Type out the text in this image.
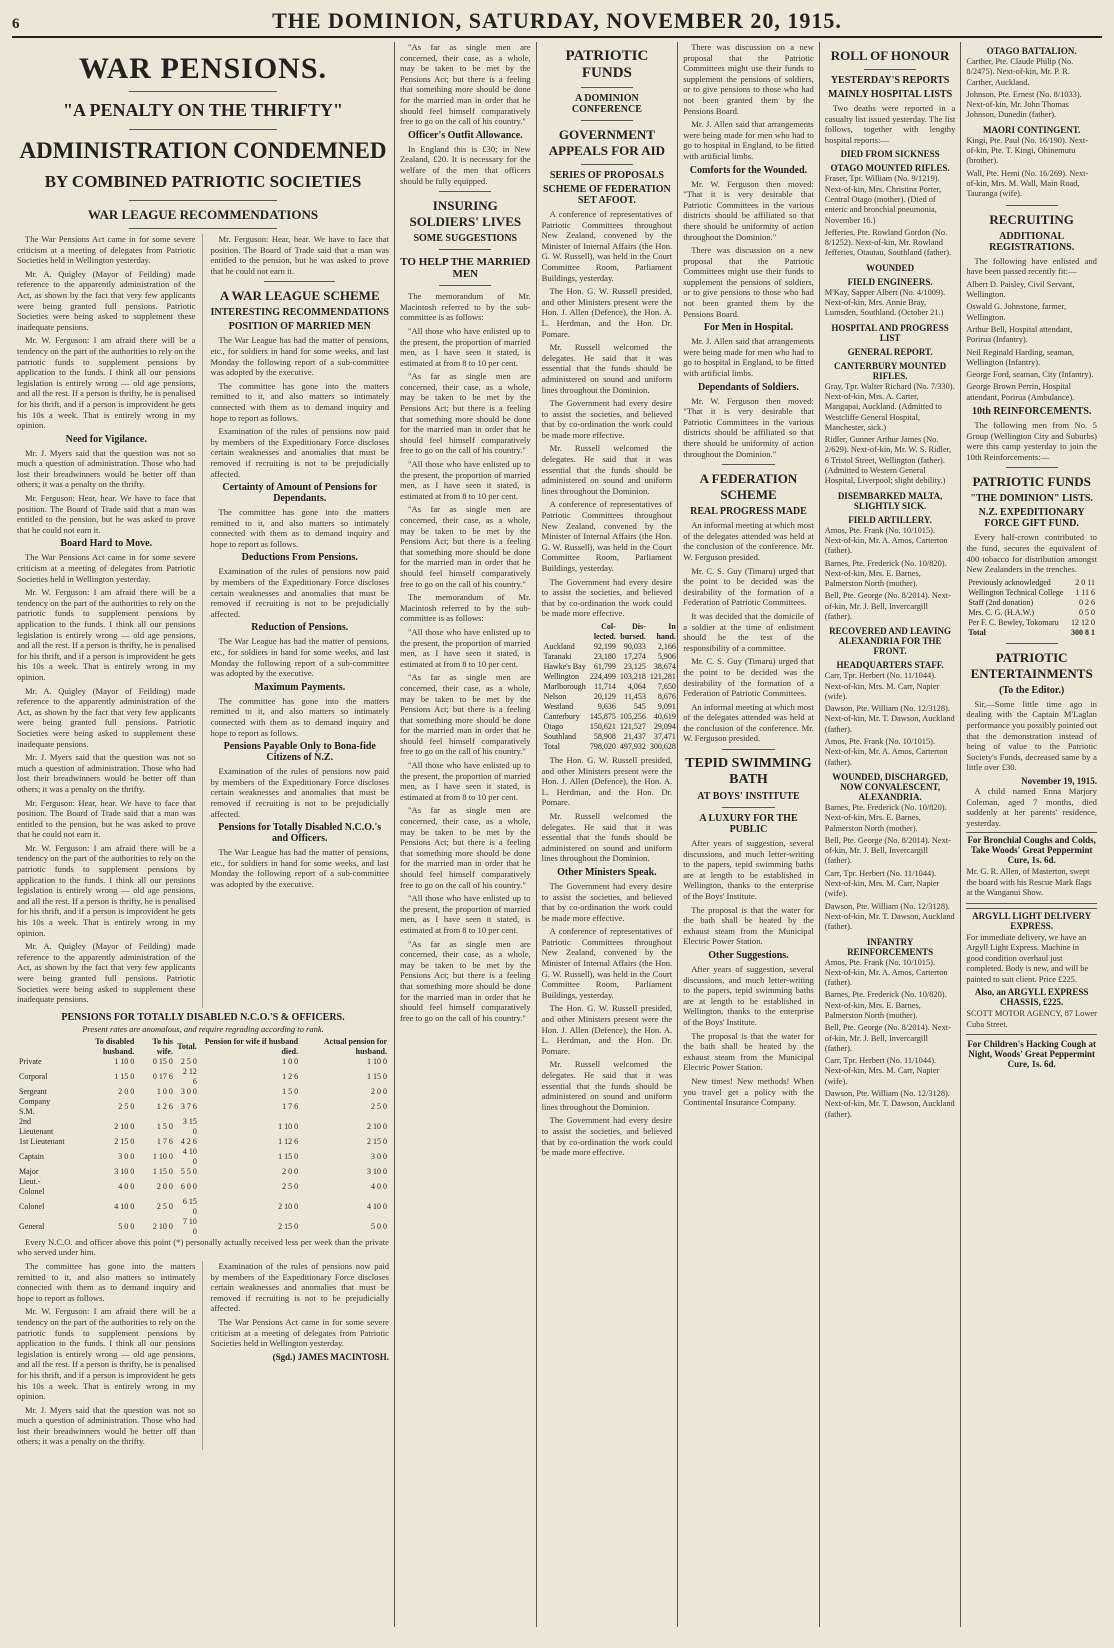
6	THE DOMINION, SATURDAY, NOVEMBER 20, 1915.
WAR PENSIONS.
"A PENALTY ON THE THRIFTY"
ADMINISTRATION CONDEMNED
BY COMBINED PATRIOTIC SOCIETIES
WAR LEAGUE RECOMMENDATIONS

The War Pensions Act came in for some severe criticism at a meeting of delegates from Patriotic Societies held in Wellington yesterday.

Mr. A. Quigley (Mayor of Feilding) made reference to the apparently administration of the Act, as shown by the fact that very few applicants were being granted full pensions. Patriotic Societies were being asked to supplement these inadequate pensions.

Mr. W. Ferguson: I am afraid there will be a tendency on the part of the authorities to rely on the patriotic funds to supplement pensions by application to the funds. I think all our pensions legislation is entirely wrong — old age pensions, and all the rest. If a person is thrifty, he is penalised for his thrift, and if a person is improvident he gets his 10s a week. That is entirely wrong in my opinion.

Need for Vigilance.

Mr. J. Myers said that the question was not so much a question of administration. Those who had lost their breadwinners would be better off than others; it was a penalty on the thrifty.

Mr. Ferguson: Hear, hear. We have to face that position. The Board of Trade said that a man was entitled to the pension, but he was asked to prove that he could not earn it.

Board Hard to Move.

The War Pensions Act came in for some severe criticism at a meeting of delegates from Patriotic Societies held in Wellington yesterday.

Mr. W. Ferguson: I am afraid there will be a tendency on the part of the authorities to rely on the patriotic funds to supplement pensions by application to the funds. I think all our pensions legislation is entirely wrong — old age pensions, and all the rest. If a person is thrifty, he is penalised for his thrift, and if a person is improvident he gets his 10s a week. That is entirely wrong in my opinion.

Mr. A. Quigley (Mayor of Feilding) made reference to the apparently administration of the Act, as shown by the fact that very few applicants were being granted full pensions. Patriotic Societies were being asked to supplement these inadequate pensions.

Mr. J. Myers said that the question was not so much a question of administration. Those who had lost their breadwinners would be better off than others; it was a penalty on the thrifty.

Mr. Ferguson: Hear, hear. We have to face that position. The Board of Trade said that a man was entitled to the pension, but he was asked to prove that he could not earn it.

Mr. W. Ferguson: I am afraid there will be a tendency on the part of the authorities to rely on the patriotic funds to supplement pensions by application to the funds. I think all our pensions legislation is entirely wrong — old age pensions, and all the rest. If a person is thrifty, he is penalised for his thrift, and if a person is improvident he gets his 10s a week. That is entirely wrong in my opinion.

Mr. A. Quigley (Mayor of Feilding) made reference to the apparently administration of the Act, as shown by the fact that very few applicants were being granted full pensions. Patriotic Societies were being asked to supplement these inadequate pensions.

Mr. Ferguson: Hear, hear. We have to face that position. The Board of Trade said that a man was entitled to the pension, but he was asked to prove that he could not earn it.

A WAR LEAGUE SCHEME
INTERESTING RECOMMENDATIONS
POSITION OF MARRIED MEN

The War League has had the matter of pensions, etc., for soldiers in hand for some weeks, and last Monday the following report of a sub-committee was adopted by the executive.

The committee has gone into the matters remitted to it, and also matters so intimately connected with them as to demand inquiry and hope to report as follows.

Examination of the rules of pensions now paid by members of the Expeditionary Force discloses certain weaknesses and anomalies that must be removed if recruiting is not to be prejudicially affected.

Certainty of Amount of Pensions for Dependants.

The committee has gone into the matters remitted to it, and also matters so intimately connected with them as to demand inquiry and hope to report as follows.

Deductions From Pensions.

Examination of the rules of pensions now paid by members of the Expeditionary Force discloses certain weaknesses and anomalies that must be removed if recruiting is not to be prejudicially affected.

Reduction of Pensions.

The War League has had the matter of pensions, etc., for soldiers in hand for some weeks, and last Monday the following report of a sub-committee was adopted by the executive.

Maximum Payments.

The committee has gone into the matters remitted to it, and also matters so intimately connected with them as to demand inquiry and hope to report as follows.

Pensions Payable Only to Bona-fide Citizens of N.Z.

Examination of the rules of pensions now paid by members of the Expeditionary Force discloses certain weaknesses and anomalies that must be removed if recruiting is not to be prejudicially affected.

Pensions for Totally Disabled N.C.O.'s and Officers.

The War League has had the matter of pensions, etc., for soldiers in hand for some weeks, and last Monday the following report of a sub-committee was adopted by the executive.

PENSIONS FOR TOTALLY DISABLED N.C.O.'S & OFFICERS.
Present rates are anomalous, and require regrading according to rank.
	To disabled husband.	To his wife.	Total.	Pension for wife if husband died.	Actual pension for husband.
Private	1 10 0	0 15 0	2 5 0	1 0 0	1 10 0
Corporal	1 15 0	0 17 6	2 12 6	1 2 6	1 15 0
Sergeant	2 0 0	1 0 0	3 0 0	1 5 0	2 0 0
Company S.M.	2 5 0	1 2 6	3 7 6	1 7 6	2 5 0
2nd Lieutenant	2 10 0	1 5 0	3 15 0	1 10 0	2 10 0
1st Lieutenant	2 15 0	1 7 6	4 2 6	1 12 6	2 15 0
Captain	3 0 0	1 10 0	4 10 0	1 15 0	3 0 0
Major	3 10 0	1 15 0	5 5 0	2 0 0	3 10 0
Lieut.-Colonel	4 0 0	2 0 0	6 0 0	2 5 0	4 0 0
Colonel	4 10 0	2 5 0	6 15 0	2 10 0	4 10 0
General	5 0 0	2 10 0	7 10 0	2 15 0	5 0 0

Every N.C.O. and officer above this point (*) personally actually received less per week than the private who served under him.

The committee has gone into the matters remitted to it, and also matters so intimately connected with them as to demand inquiry and hope to report as follows.

Mr. W. Ferguson: I am afraid there will be a tendency on the part of the authorities to rely on the patriotic funds to supplement pensions by application to the funds. I think all our pensions legislation is entirely wrong — old age pensions, and all the rest. If a person is thrifty, he is penalised for his thrift, and if a person is improvident he gets his 10s a week. That is entirely wrong in my opinion.

Mr. J. Myers said that the question was not so much a question of administration. Those who had lost their breadwinners would be better off than others; it was a penalty on the thrifty.

Examination of the rules of pensions now paid by members of the Expeditionary Force discloses certain weaknesses and anomalies that must be removed if recruiting is not to be prejudicially affected.

The War Pensions Act came in for some severe criticism at a meeting of delegates from Patriotic Societies held in Wellington yesterday.

(Sgd.) JAMES MACINTOSH.

"As far as single men are concerned, their case, as a whole, may be taken to be met by the Pensions Act; but there is a feeling that something more should be done for the married man in order that he should feel himself comparatively free to go on the call of his country."

Officer's Outfit Allowance.

In England this is £30; in New Zealand, £20. It is necessary for the welfare of the men that officers should be fully equipped.

INSURING SOLDIERS' LIVES
SOME SUGGESTIONS
TO HELP THE MARRIED MEN

The memorandum of Mr. Macintosh referred to by the sub-committee is as follows:

"All those who have enlisted up to the present, the proportion of married men, as I have seen it stated, is estimated at from 8 to 10 per cent.

"As far as single men are concerned, their case, as a whole, may be taken to be met by the Pensions Act; but there is a feeling that something more should be done for the married man in order that he should feel himself comparatively free to go on the call of his country."

"All those who have enlisted up to the present, the proportion of married men, as I have seen it stated, is estimated at from 8 to 10 per cent.

"As far as single men are concerned, their case, as a whole, may be taken to be met by the Pensions Act; but there is a feeling that something more should be done for the married man in order that he should feel himself comparatively free to go on the call of his country."

The memorandum of Mr. Macintosh referred to by the sub-committee is as follows:

"All those who have enlisted up to the present, the proportion of married men, as I have seen it stated, is estimated at from 8 to 10 per cent.

"As far as single men are concerned, their case, as a whole, may be taken to be met by the Pensions Act; but there is a feeling that something more should be done for the married man in order that he should feel himself comparatively free to go on the call of his country."

"All those who have enlisted up to the present, the proportion of married men, as I have seen it stated, is estimated at from 8 to 10 per cent.

"As far as single men are concerned, their case, as a whole, may be taken to be met by the Pensions Act; but there is a feeling that something more should be done for the married man in order that he should feel himself comparatively free to go on the call of his country."

"All those who have enlisted up to the present, the proportion of married men, as I have seen it stated, is estimated at from 8 to 10 per cent.

"As far as single men are concerned, their case, as a whole, may be taken to be met by the Pensions Act; but there is a feeling that something more should be done for the married man in order that he should feel himself comparatively free to go on the call of his country."

PATRIOTIC FUNDS
A DOMINION CONFERENCE
GOVERNMENT APPEALS FOR AID
SERIES OF PROPOSALS
SCHEME OF FEDERATION SET AFOOT.

A conference of representatives of Patriotic Committees throughout New Zealand, convened by the Minister of Internal Affairs (the Hon. G. W. Russell), was held in the Court Committee Room, Parliament Buildings, yesterday.

The Hon. G. W. Russell presided, and other Ministers present were the Hon. J. Allen (Defence), the Hon. A. L. Herdman, and the Hon. Dr. Pomare.

Mr. Russell welcomed the delegates. He said that it was essential that the funds should be administered on sound and uniform lines throughout the Dominion.

The Government had every desire to assist the societies, and believed that by co-ordination the work could be made more effective.

Mr. Russell welcomed the delegates. He said that it was essential that the funds should be administered on sound and uniform lines throughout the Dominion.

A conference of representatives of Patriotic Committees throughout New Zealand, convened by the Minister of Internal Affairs (the Hon. G. W. Russell), was held in the Court Committee Room, Parliament Buildings, yesterday.

The Government had every desire to assist the societies, and believed that by co-ordination the work could be made more effective.

	Col-lected.	Dis-bursed.	In hand.
Auckland	92,199	90,033	2,166
Taranaki	23,180	17,274	5,906
Hawke's Bay	61,799	23,125	38,674
Wellington	224,499	103,218	121,281
Marlborough	11,714	4,064	7,650
Nelson	20,129	11,453	8,676
Westland	9,636	545	9,091
Canterbury	145,875	105,256	40,619
Otago	150,621	121,527	29,094
Southland	58,908	21,437	37,471
Total	798,020	497,932	300,628

The Hon. G. W. Russell presided, and other Ministers present were the Hon. J. Allen (Defence), the Hon. A. L. Herdman, and the Hon. Dr. Pomare.

Mr. Russell welcomed the delegates. He said that it was essential that the funds should be administered on sound and uniform lines throughout the Dominion.

Other Ministers Speak.

The Government had every desire to assist the societies, and believed that by co-ordination the work could be made more effective.

A conference of representatives of Patriotic Committees throughout New Zealand, convened by the Minister of Internal Affairs (the Hon. G. W. Russell), was held in the Court Committee Room, Parliament Buildings, yesterday.

The Hon. G. W. Russell presided, and other Ministers present were the Hon. J. Allen (Defence), the Hon. A. L. Herdman, and the Hon. Dr. Pomare.

Mr. Russell welcomed the delegates. He said that it was essential that the funds should be administered on sound and uniform lines throughout the Dominion.

The Government had every desire to assist the societies, and believed that by co-ordination the work could be made more effective.

There was discussion on a new proposal that the Patriotic Committees might use their funds to supplement the pensions of soldiers, or to give pensions to those who had not been granted them by the Pensions Board.

Mr. J. Allen said that arrangements were being made for men who had to go to hospital in England, to be fitted with artificial limbs.

Comforts for the Wounded.

Mr. W. Ferguson then moved: "That it is very desirable that Patriotic Committees in the various districts should be affiliated so that there should be uniformity of action throughout the Dominion."

There was discussion on a new proposal that the Patriotic Committees might use their funds to supplement the pensions of soldiers, or to give pensions to those who had not been granted them by the Pensions Board.

For Men in Hospital.

Mr. J. Allen said that arrangements were being made for men who had to go to hospital in England, to be fitted with artificial limbs.

Dependants of Soldiers.

Mr. W. Ferguson then moved: "That it is very desirable that Patriotic Committees in the various districts should be affiliated so that there should be uniformity of action throughout the Dominion."

A FEDERATION SCHEME
REAL PROGRESS MADE

An informal meeting at which most of the delegates attended was held at the conclusion of the conference. Mr. W. Ferguson presided.

Mr. C. S. Guy (Timaru) urged that the point to be decided was the desirability of the formation of a Federation of Patriotic Committees.

It was decided that the domicile of a soldier at the time of enlistment should be the test of the responsibility of a committee.

Mr. C. S. Guy (Timaru) urged that the point to be decided was the desirability of the formation of a Federation of Patriotic Committees.

An informal meeting at which most of the delegates attended was held at the conclusion of the conference. Mr. W. Ferguson presided.

TEPID SWIMMING BATH
AT BOYS' INSTITUTE
A LUXURY FOR THE PUBLIC

After years of suggestion, several discussions, and much letter-writing to the papers, tepid swimming baths are at length to be established in Wellington, thanks to the enterprise of the Boys' Institute.

The proposal is that the water for the bath shall be heated by the exhaust steam from the Municipal Electric Power Station.

Other Suggestions.

After years of suggestion, several discussions, and much letter-writing to the papers, tepid swimming baths are at length to be established in Wellington, thanks to the enterprise of the Boys' Institute.

The proposal is that the water for the bath shall be heated by the exhaust steam from the Municipal Electric Power Station.

New times! New methods! When you travel get a policy with the Continental Insurance Company.

ROLL OF HONOUR
YESTERDAY'S REPORTS
MAINLY HOSPITAL LISTS

Two deaths were reported in a casualty list issued yesterday. The list follows, together with lengthy hospital reports:—

DIED FROM SICKNESS
OTAGO MOUNTED RIFLES.
Fraser, Tpr. William (No. 9/1219). Next-of-kin, Mrs. Christina Porter, Central Otago (mother). (Died of enteric and bronchial pneumonia, November 16.)
Jefferies, Pte. Rowland Gordon (No. 8/1252). Next-of-kin, Mr. Rowland Jefferies, Otautau, Southland (father).
WOUNDED
FIELD ENGINEERS.
M'Kay, Sapper Albert (No. 4/1009). Next-of-kin, Mrs. Annie Bray, Lumsden, Southland. (October 21.)
HOSPITAL AND PROGRESS LIST
GENERAL REPORT.
CANTERBURY MOUNTED RIFLES.
Gray, Tpr. Walter Richard (No. 7/330). Next-of-kin, Mrs. A. Carter, Mangapai, Auckland. (Admitted to Westcliffe General Hospital, Manchester, sick.)
Ridler, Gunner Arthur James (No. 2/629). Next-of-kin, Mr. W. S. Ridler, 6 Tristol Street, Wellington (father). (Admitted to Western General Hospital, Liverpool; slight debility.)
DISEMBARKED MALTA, SLIGHTLY SICK.
FIELD ARTILLERY.
Amos, Pte. Frank (No. 10/1015). Next-of-kin, Mr. A. Amos, Carterton (father).
Barnes, Pte. Frederick (No. 10/820). Next-of-kin, Mrs. E. Barnes, Palmerston North (mother).
Bell, Pte. George (No. 8/2014). Next-of-kin, Mr. J. Bell, Invercargill (father).
RECOVERED AND LEAVING ALEXANDRIA FOR THE FRONT.
HEADQUARTERS STAFF.
Carr, Tpr. Herbert (No. 11/1044). Next-of-kin, Mrs. M. Carr, Napier (wife).
Dawson, Pte. William (No. 12/3128). Next-of-kin, Mr. T. Dawson, Auckland (father).
Amos, Pte. Frank (No. 10/1015). Next-of-kin, Mr. A. Amos, Carterton (father).
WOUNDED, DISCHARGED, NOW CONVALESCENT, ALEXANDRIA.
Barnes, Pte. Frederick (No. 10/820). Next-of-kin, Mrs. E. Barnes, Palmerston North (mother).
Bell, Pte. George (No. 8/2014). Next-of-kin, Mr. J. Bell, Invercargill (father).
Carr, Tpr. Herbert (No. 11/1044). Next-of-kin, Mrs. M. Carr, Napier (wife).
Dawson, Pte. William (No. 12/3128). Next-of-kin, Mr. T. Dawson, Auckland (father).
INFANTRY REINFORCEMENTS
Amos, Pte. Frank (No. 10/1015). Next-of-kin, Mr. A. Amos, Carterton (father).
Barnes, Pte. Frederick (No. 10/820). Next-of-kin, Mrs. E. Barnes, Palmerston North (mother).
Bell, Pte. George (No. 8/2014). Next-of-kin, Mr. J. Bell, Invercargill (father).
Carr, Tpr. Herbert (No. 11/1044). Next-of-kin, Mrs. M. Carr, Napier (wife).
Dawson, Pte. William (No. 12/3128). Next-of-kin, Mr. T. Dawson, Auckland (father).
OTAGO BATTALION.
Carther, Pte. Claude Philip (No. 8/2475). Next-of-kin, Mr. P. R. Carther, Auckland.
Johnson, Pte. Ernest (No. 8/1033). Next-of-kin, Mr. John Thomas Johnson, Dunedin (father).
MAORI CONTINGENT.
Kingi, Pte. Paul (No. 16/190). Next-of-kin, Pte. T. Kingi, Ohinemutu (brother).
Wall, Pte. Hemi (No. 16/269). Next-of-kin, Mrs. M. Wall, Main Road, Tauranga (wife).
RECRUITING
ADDITIONAL REGISTRATIONS.

The following have enlisted and have been passed recently fit:—

Albert D. Paisley, Civil Servant, Wellington.
Oswald G. Johnstone, farmer, Wellington.
Arthur Bell, Hospital attendant, Porirua (Infantry).
Neil Reginald Harding, seaman, Wellington (Infantry).
George Ford, seaman, City (Infantry).
George Brown Perrin, Hospital attendant, Porirua (Ambulance).
10th REINFORCEMENTS.

The following men from No. 5 Group (Wellington City and Suburbs) were this camp yesterday to join the 10th Reinforcements:—

PATRIOTIC FUNDS
"THE DOMINION" LISTS.
N.Z. EXPEDITIONARY FORCE GIFT FUND.

Every half-crown contributed to the fund, secures the equivalent of 400 tobacco for distribution amongst New Zealanders in the trenches.

Previously acknowledged	2 0 11
Wellington Technical College	1 11 6
Staff (2nd donation)	0 2 6
Mrs. C. G. (H.A.W.)	0 5 0
Per F. C. Bewley, Tokomaru	12 12 0
Total	300 8 1
PATRIOTIC ENTERTAINMENTS
(To the Editor.)

Sir,—Some little time ago in dealing with the Captain M'Laglan performance you possibly pointed out that the demonstration instead of being of value to the Patriotic Society's Funds, decreased same by a little over £30.

November 19, 1915.

A child named Enna Marjory Coleman, aged 7 months, died suddenly at her parents' residence, yesterday.

For Bronchial Coughs and Colds, Take Woods' Great Peppermint Cure, 1s. 6d.
Mr. G. R. Allen, of Masterton, swept the board with his Rescue Mark flags at the Wanganui Show.
ARGYLL LIGHT DELIVERY EXPRESS.
For immediate delivery, we have an Argyll Light Express. Machine in good condition overhaul just completed. Body is new, and will be painted to suit client. Price £225.
Also, an ARGYLL EXPRESS CHASSIS, £225.
SCOTT MOTOR AGENCY, 87 Lower Cuba Street.
For Children's Hacking Cough at Night, Woods' Great Peppermint Cure, 1s. 6d.
